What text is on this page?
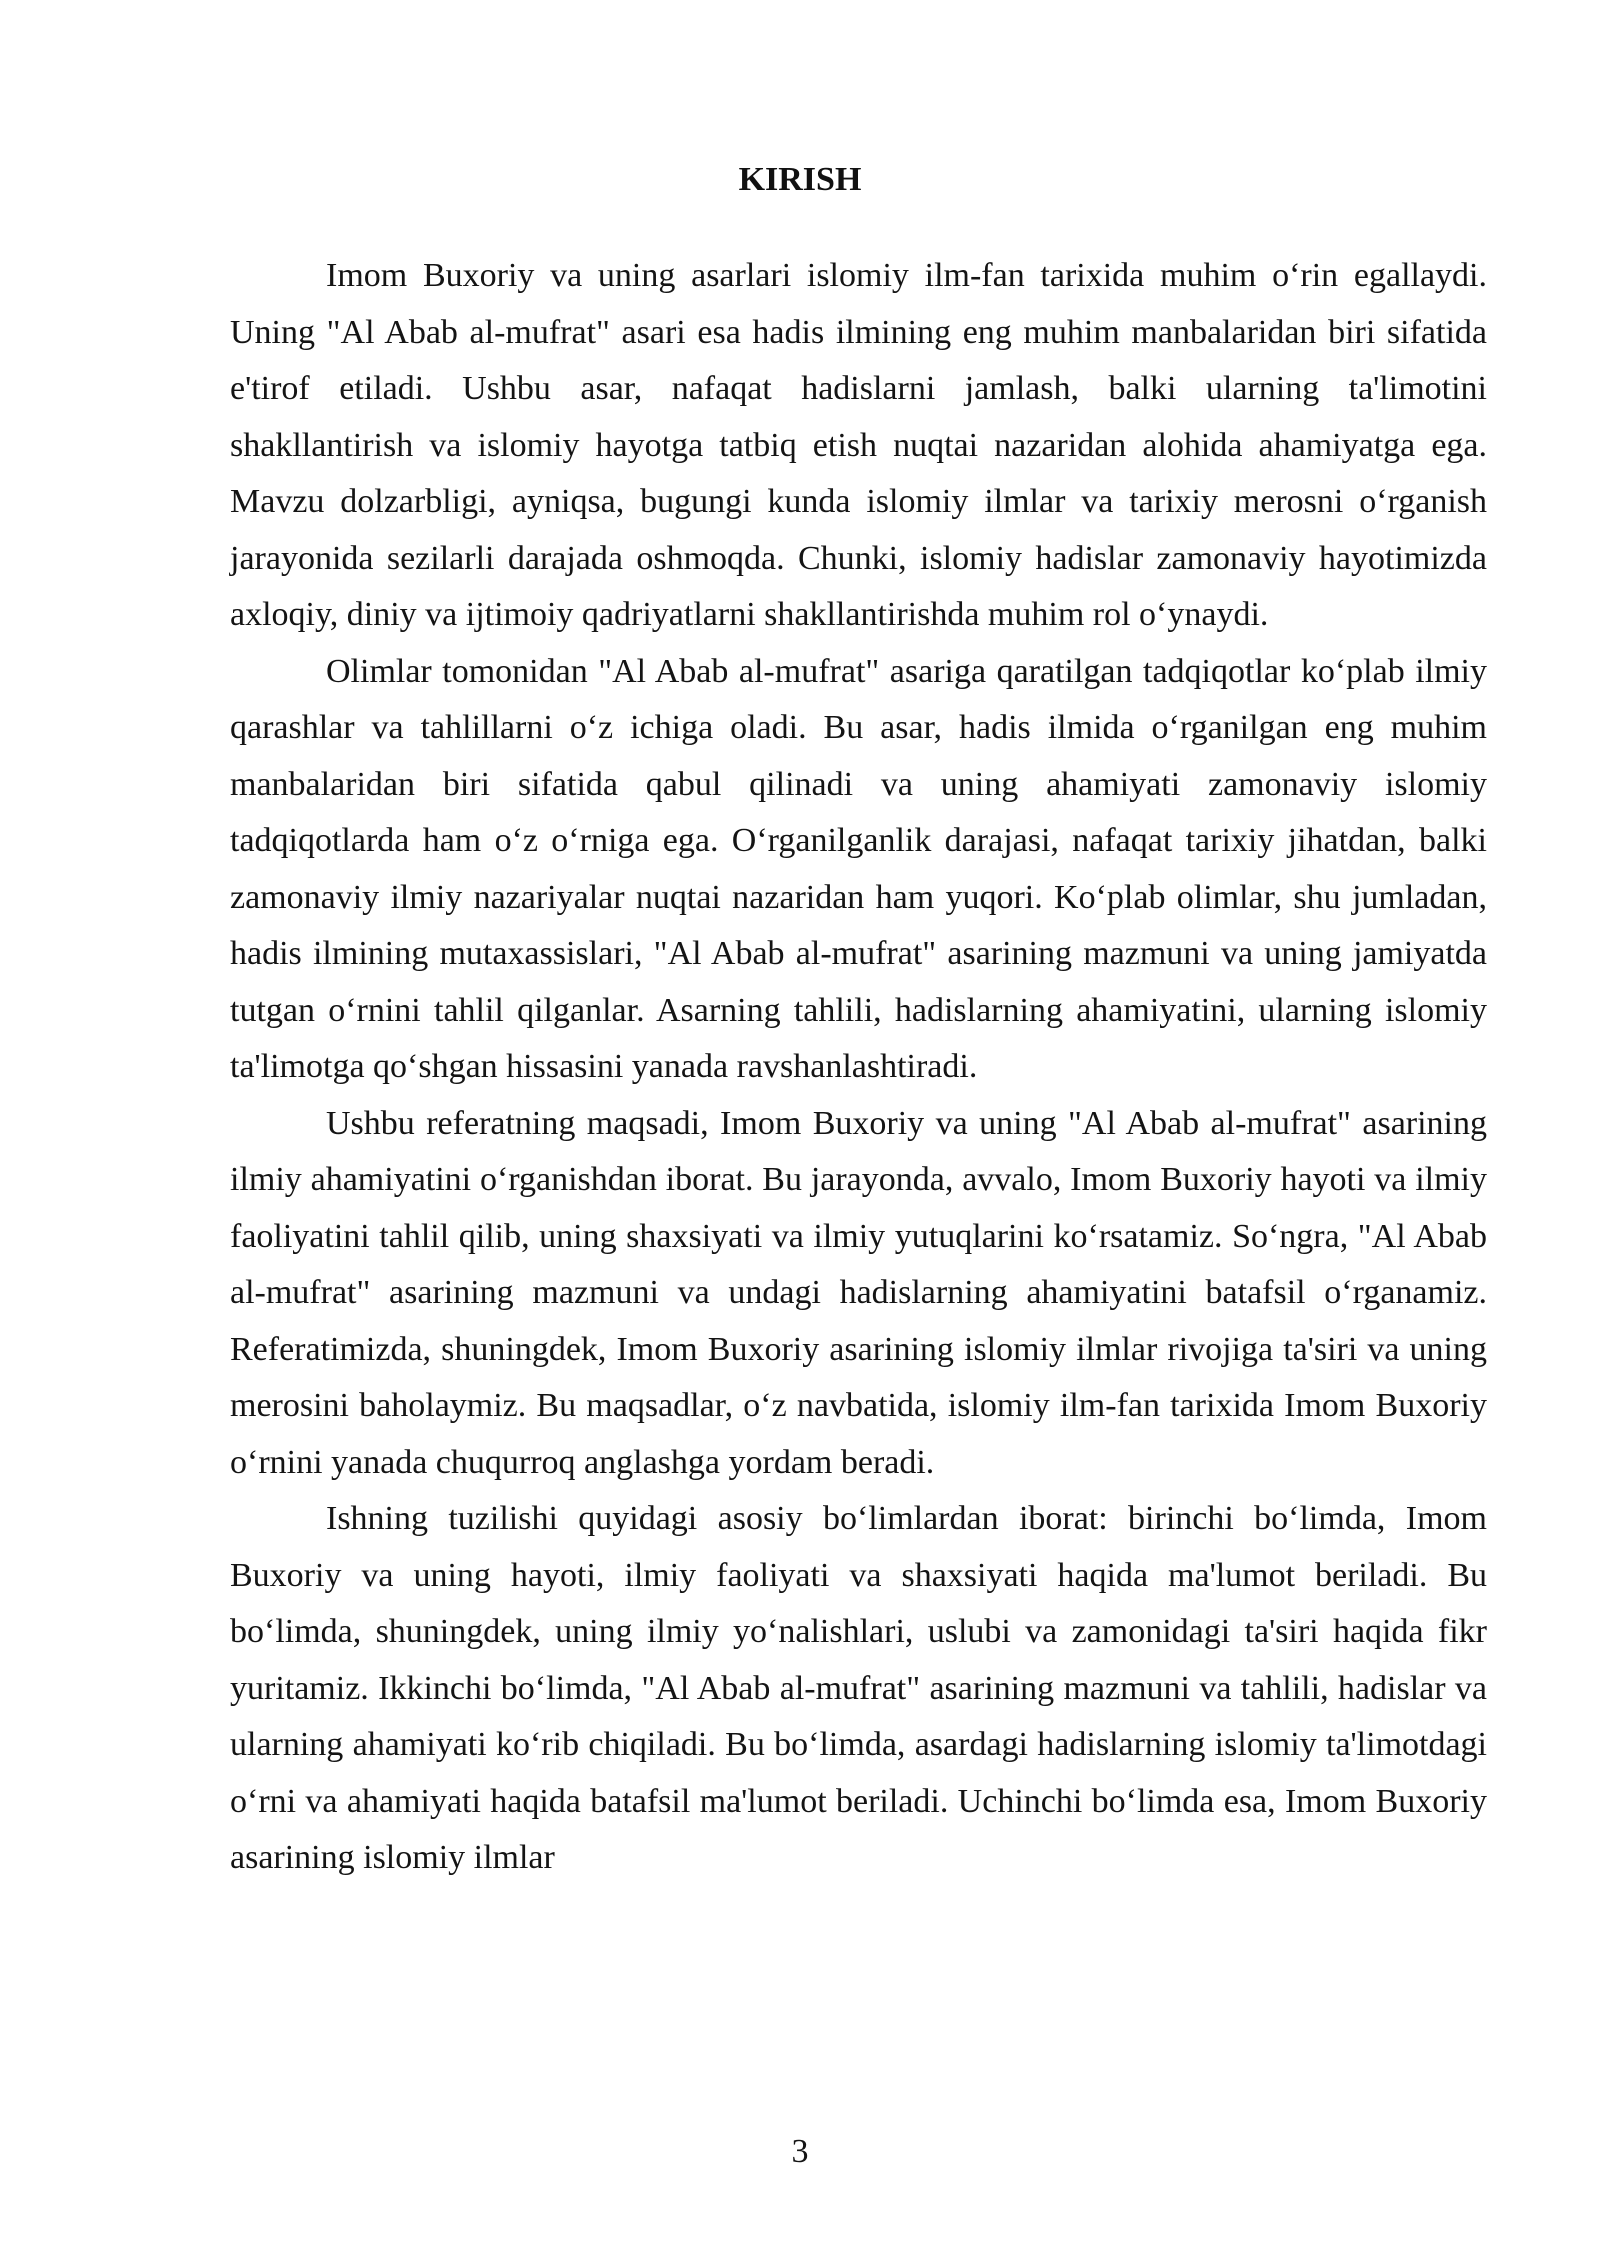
KIRISH

Imom Buxoriy va uning asarlari islomiy ilm-fan tarixida muhim o‘rin egallaydi. Uning "Al Abab al-mufrat" asari esa hadis ilmining eng muhim manbalaridan biri sifatida e'tirof etiladi. Ushbu asar, nafaqat hadislarni jamlash, balki ularning ta'limotini shakllantirish va islomiy hayotga tatbiq etish nuqtai nazaridan alohida ahamiyatga ega. Mavzu dolzarbligi, ayniqsa, bugungi kunda islomiy ilmlar va tarixiy merosni o‘rganish jarayonida sezilarli darajada oshmoqda. Chunki, islomiy hadislar zamonaviy hayotimizda axloqiy, diniy va ijtimoiy qadriyatlarni shakllantirishda muhim rol o‘ynaydi.

Olimlar tomonidan "Al Abab al-mufrat" asariga qaratilgan tadqiqotlar ko‘plab ilmiy qarashlar va tahlillarni o‘z ichiga oladi. Bu asar, hadis ilmida o‘rganilgan eng muhim manbalaridan biri sifatida qabul qilinadi va uning ahamiyati zamonaviy islomiy tadqiqotlarda ham o‘z o‘rniga ega. O‘rganilganlik darajasi, nafaqat tarixiy jihatdan, balki zamonaviy ilmiy nazariyalar nuqtai nazaridan ham yuqori. Ko‘plab olimlar, shu jumladan, hadis ilmining mutaxassislari, "Al Abab al-mufrat" asarining mazmuni va uning jamiyatda tutgan o‘rnini tahlil qilganlar. Asarning tahlili, hadislarning ahamiyatini, ularning islomiy ta'limotga qo‘shgan hissasini yanada ravshanlashtiradi.

Ushbu referatning maqsadi, Imom Buxoriy va uning "Al Abab al-mufrat" asarining ilmiy ahamiyatini o‘rganishdan iborat. Bu jarayonda, avvalo, Imom Buxoriy hayoti va ilmiy faoliyatini tahlil qilib, uning shaxsiyati va ilmiy yutuqlarini ko‘rsatamiz. So‘ngra, "Al Abab al-mufrat" asarining mazmuni va undagi hadislarning ahamiyatini batafsil o‘rganamiz. Referatimizda, shuningdek, Imom Buxoriy asarining islomiy ilmlar rivojiga ta'siri va uning merosini baholaymiz. Bu maqsadlar, o‘z navbatida, islomiy ilm-fan tarixida Imom Buxoriy o‘rnini yanada chuqurroq anglashga yordam beradi.

Ishning tuzilishi quyidagi asosiy bo‘limlardan iborat: birinchi bo‘limda, Imom Buxoriy va uning hayoti, ilmiy faoliyati va shaxsiyati haqida ma'lumot beriladi. Bu bo‘limda, shuningdek, uning ilmiy yo‘nalishlari, uslubi va zamonidagi ta'siri haqida fikr yuritamiz. Ikkinchi bo‘limda, "Al Abab al-mufrat" asarining mazmuni va tahlili, hadislar va ularning ahamiyati ko‘rib chiqiladi. Bu bo‘limda, asardagi hadislarning islomiy ta'limotdagi o‘rni va ahamiyati haqida batafsil ma'lumot beriladi. Uchinchi bo‘limda esa, Imom Buxoriy asarining islomiy ilmlar

3
